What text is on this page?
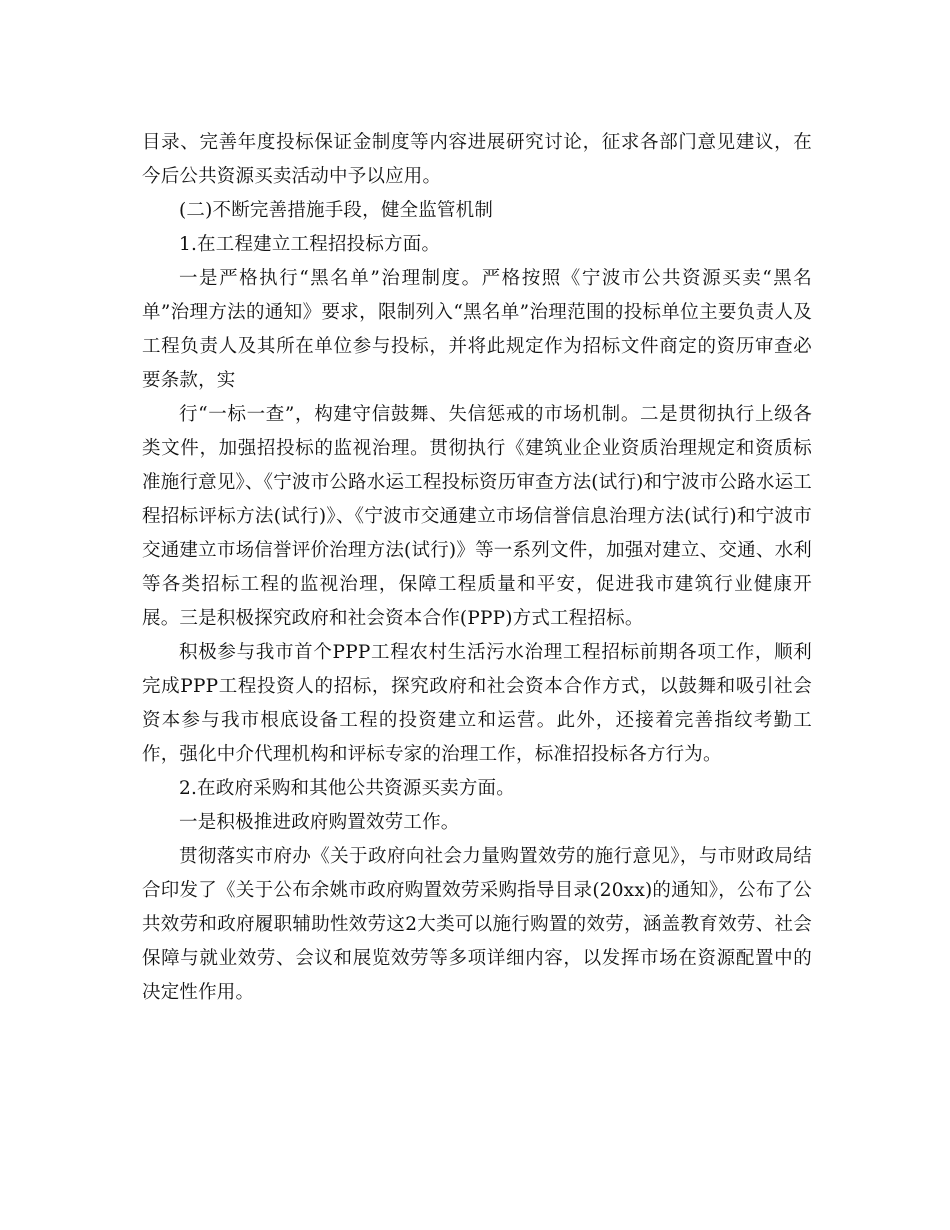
目录、完善年度投标保证金制度等内容进展研究讨论，征求各部门意见建议，在今后公共资源买卖活动中予以应用。

(二)不断完善措施手段，健全监管机制

1.在工程建立工程招投标方面。

一是严格执行“黑名单”治理制度。严格按照《宁波市公共资源买卖“黑名单”治理方法的通知》要求，限制列入“黑名单”治理范围的投标单位主要负责人及工程负责人及其所在单位参与投标，并将此规定作为招标文件商定的资历审查必要条款，实

行“一标一查”，构建守信鼓舞、失信惩戒的市场机制。二是贯彻执行上级各类文件，加强招投标的监视治理。贯彻执行《建筑业企业资质治理规定和资质标准施行意见》、《宁波市公路水运工程投标资历审查方法(试行)和宁波市公路水运工程招标评标方法(试行)》、《宁波市交通建立市场信誉信息治理方法(试行)和宁波市交通建立市场信誉评价治理方法(试行)》等一系列文件，加强对建立、交通、水利等各类招标工程的监视治理，保障工程质量和平安，促进我市建筑行业健康开展。三是积极探究政府和社会资本合作(PPP)方式工程招标。

积极参与我市首个PPP工程农村生活污水治理工程招标前期各项工作，顺利完成PPP工程投资人的招标，探究政府和社会资本合作方式，以鼓舞和吸引社会资本参与我市根底设备工程的投资建立和运营。此外，还接着完善指纹考勤工作，强化中介代理机构和评标专家的治理工作，标准招投标各方行为。

2.在政府采购和其他公共资源买卖方面。

一是积极推进政府购置效劳工作。

贯彻落实市府办《关于政府向社会力量购置效劳的施行意见》，与市财政局结合印发了《关于公布余姚市政府购置效劳采购指导目录(20xx)的通知》，公布了公共效劳和政府履职辅助性效劳这2大类可以施行购置的效劳，涵盖教育效劳、社会保障与就业效劳、会议和展览效劳等多项详细内容，以发挥市场在资源配置中的决定性作用。
